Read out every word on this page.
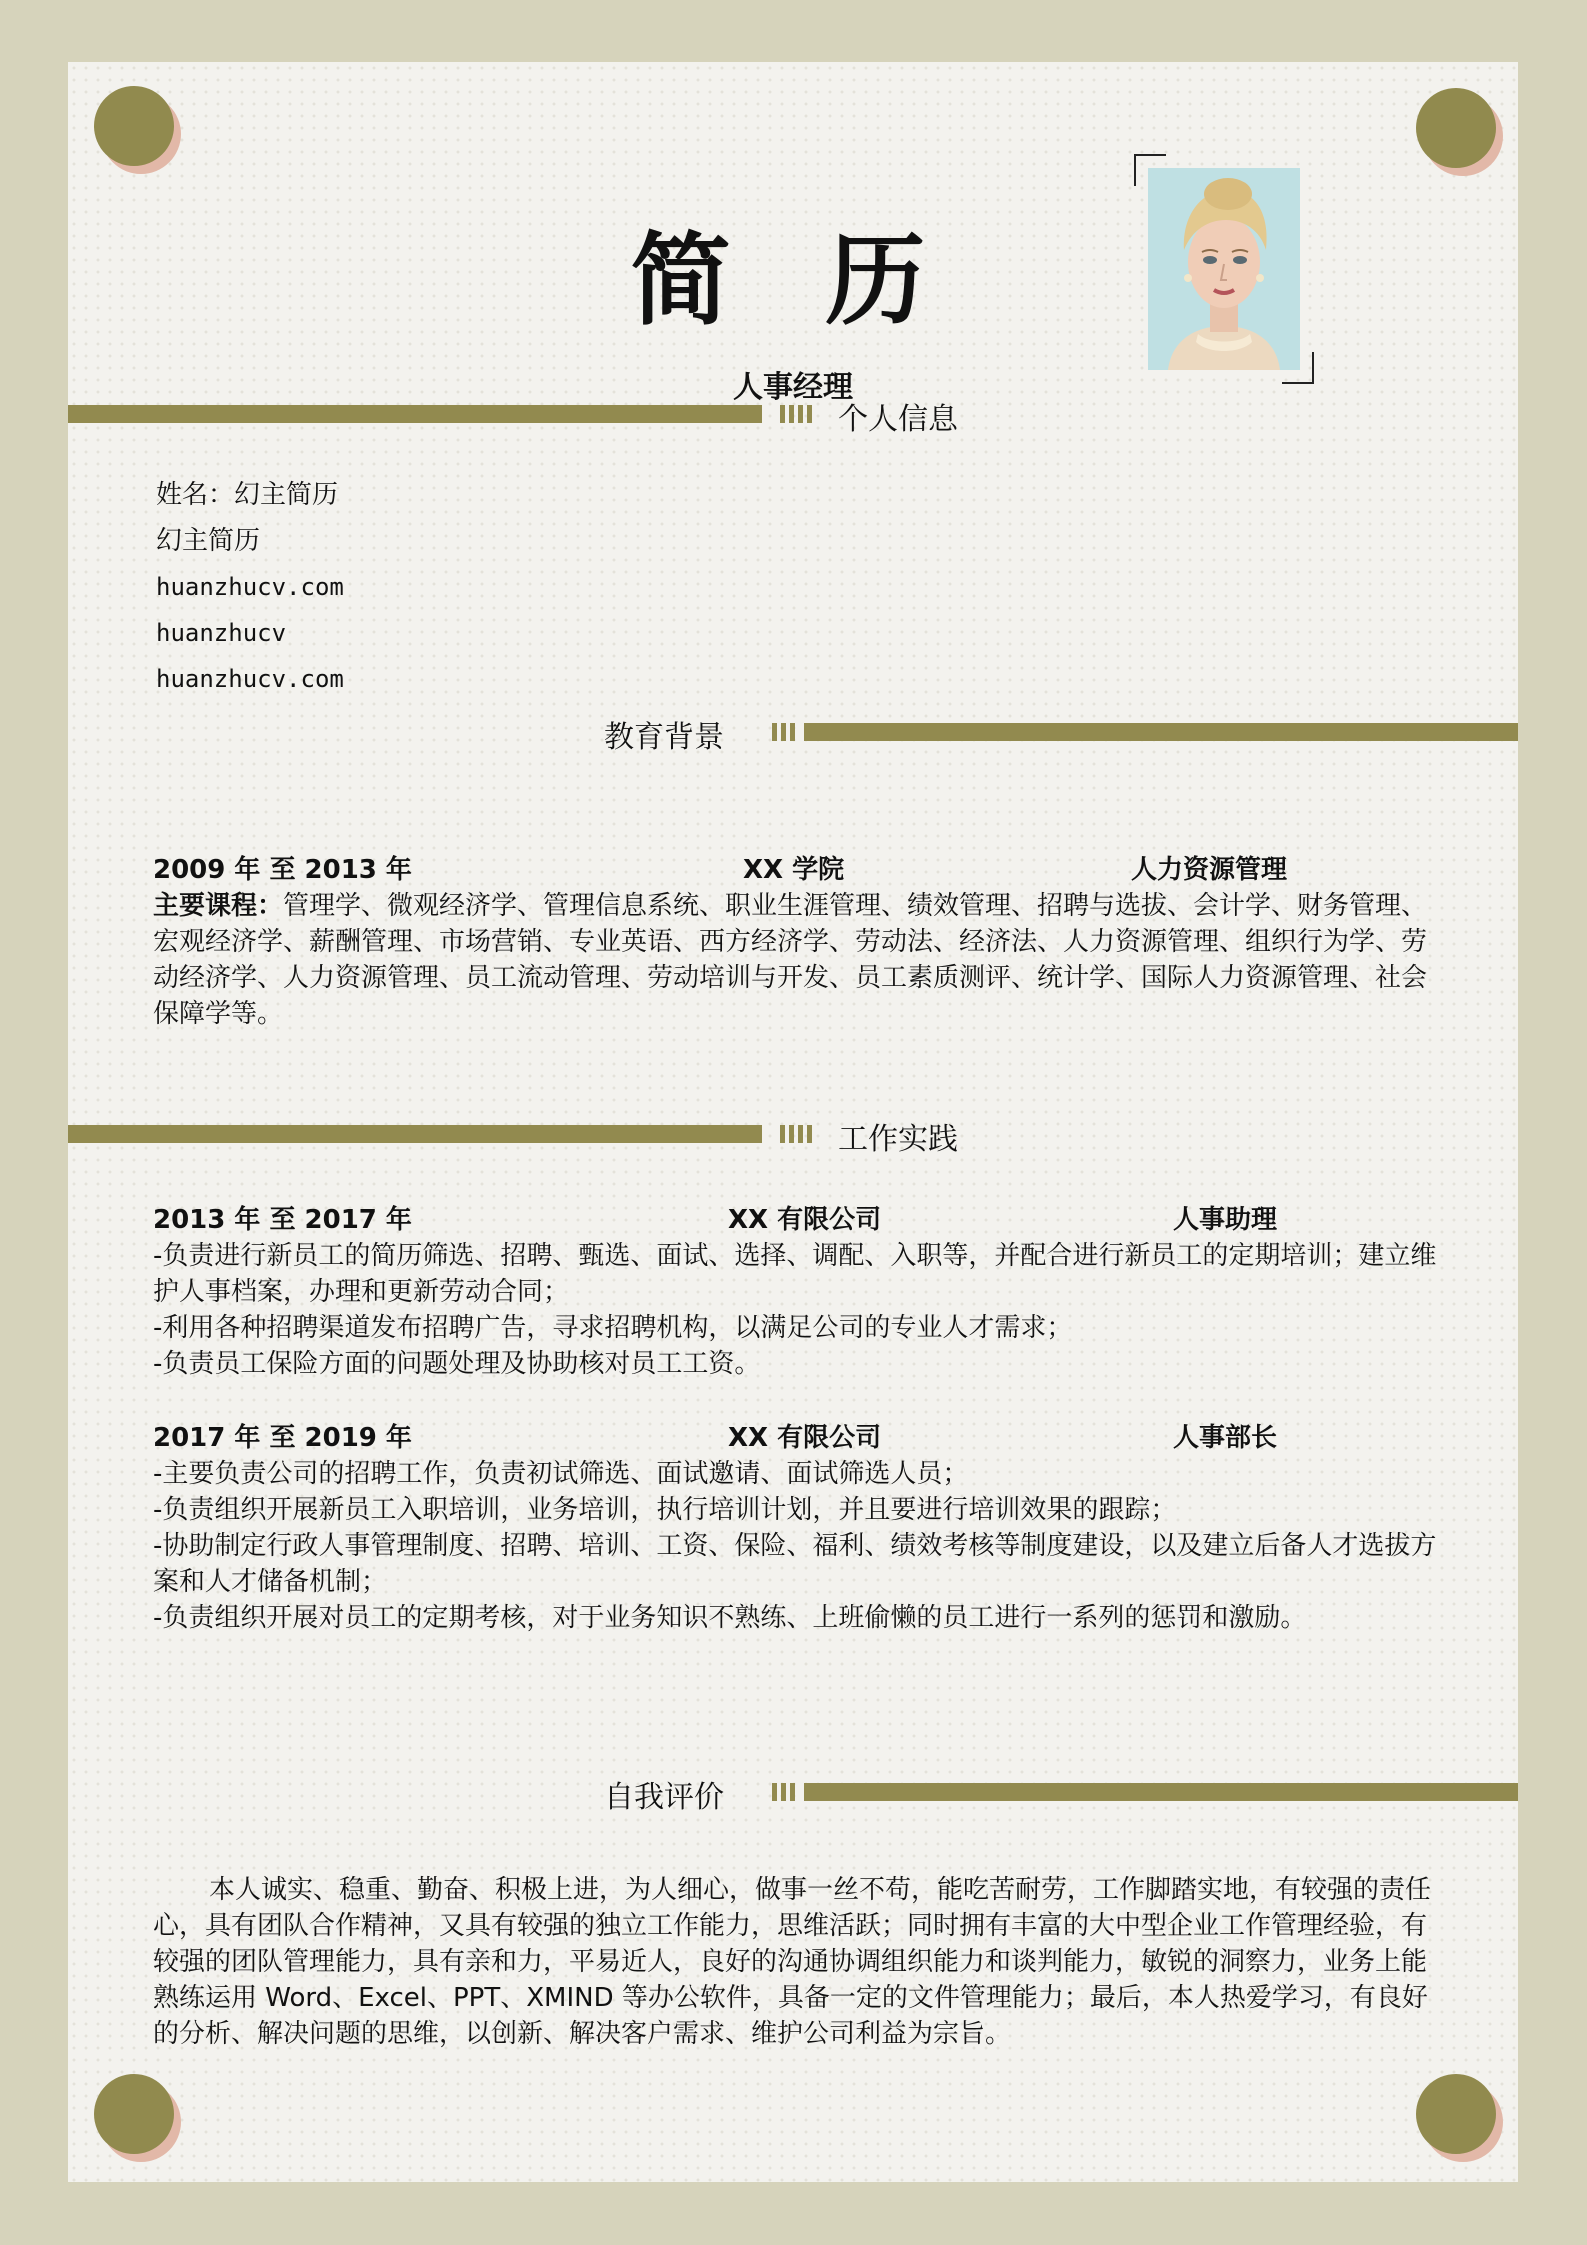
简 历
人事经理
个人信息
姓名：幻主简历
幻主简历
huanzhucv.com
huanzhucv
huanzhucv.com
教育背景
2009 年 至 2013 年	XX 学院	人力资源管理

主要课程：管理学、微观经济学、管理信息系统、职业生涯管理、绩效管理、招聘与选拔、会计学、财务管理、宏观经济学、薪酬管理、市场营销、专业英语、西方经济学、劳动法、经济法、人力资源管理、组织行为学、劳动经济学、人力资源管理、员工流动管理、劳动培训与开发、员工素质测评、统计学、国际人力资源管理、社会保障学等。

工作实践
2013 年 至 2017 年	XX 有限公司	人事助理

-负责进行新员工的简历筛选、招聘、甄选、面试、选择、调配、入职等，并配合进行新员工的定期培训；建立维护人事档案，办理和更新劳动合同；

-利用各种招聘渠道发布招聘广告，寻求招聘机构，以满足公司的专业人才需求；

-负责员工保险方面的问题处理及协助核对员工工资。

2017 年 至 2019 年	XX 有限公司	人事部长

-主要负责公司的招聘工作，负责初试筛选、面试邀请、面试筛选人员；

-负责组织开展新员工入职培训，业务培训，执行培训计划，并且要进行培训效果的跟踪；

-协助制定行政人事管理制度、招聘、培训、工资、保险、福利、绩效考核等制度建设，以及建立后备人才选拔方案和人才储备机制；

-负责组织开展对员工的定期考核，对于业务知识不熟练、上班偷懒的员工进行一系列的惩罚和激励。

自我评价

本人诚实、稳重、勤奋、积极上进，为人细心，做事一丝不苟，能吃苦耐劳，工作脚踏实地，有较强的责任心，具有团队合作精神，又具有较强的独立工作能力，思维活跃；同时拥有丰富的大中型企业工作管理经验，有较强的团队管理能力，具有亲和力，平易近人，良好的沟通协调组织能力和谈判能力，敏锐的洞察力，业务上能熟练运用 Word、Excel、PPT、XMIND 等办公软件，具备一定的文件管理能力；最后，本人热爱学习，有良好的分析、解决问题的思维，以创新、解决客户需求、维护公司利益为宗旨。
